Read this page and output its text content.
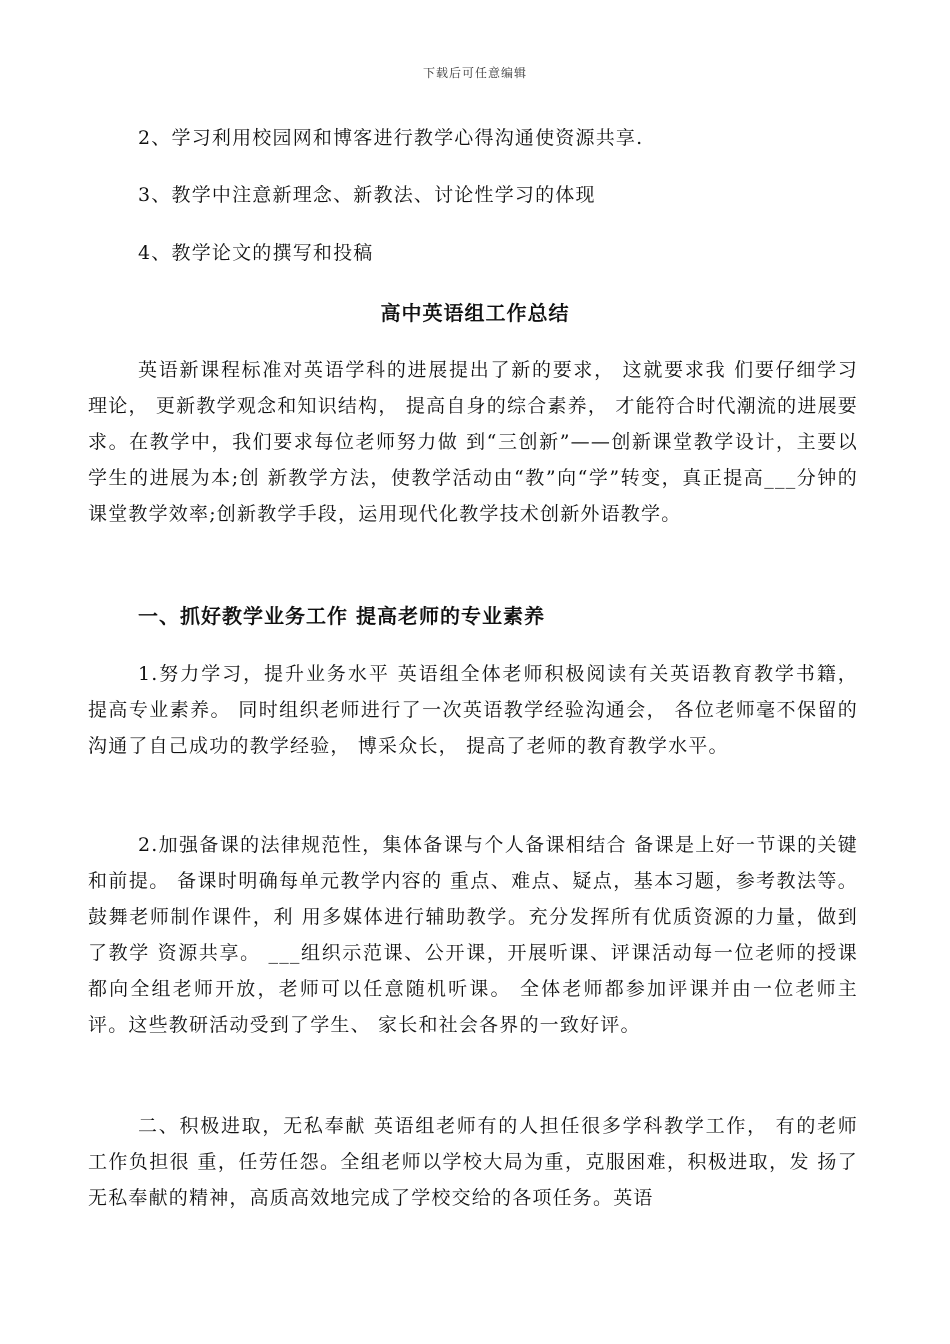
下载后可任意编辑
2、学习利用校园网和博客进行教学心得沟通使资源共享.
3、教学中注意新理念、新教法、讨论性学习的体现
4、教学论文的撰写和投稿
高中英语组工作总结
英语新课程标准对英语学科的进展提出了新的要求， 这就要求我 们要仔细学习理论， 更新教学观念和知识结构， 提高自身的综合素养， 才能符合时代潮流的进展要求。在教学中，我们要求每位老师努力做 到“三创新”——创新课堂教学设计，主要以学生的进展为本;创 新教学方法，使教学活动由“教”向“学”转变，真正提高___分钟的 课堂教学效率;创新教学手段，运用现代化教学技术创新外语教学。
一、抓好教学业务工作 提高老师的专业素养
1.努力学习，提升业务水平 英语组全体老师积极阅读有关英语教育教学书籍， 提高专业素养。 同时组织老师进行了一次英语教学经验沟通会， 各位老师毫不保留的 沟通了自己成功的教学经验， 博采众长， 提高了老师的教育教学水平。
2.加强备课的法律规范性，集体备课与个人备课相结合 备课是上好一节课的关键和前提。 备课时明确每单元教学内容的 重点、难点、疑点，基本习题，参考教法等。鼓舞老师制作课件，利 用多媒体进行辅助教学。充分发挥所有优质资源的力量，做到了教学 资源共享。 ___组织示范课、公开课，开展听课、评课活动每一位老师的授课都向全组老师开放，老师可以任意随机听课。 全体老师都参加评课并由一位老师主评。这些教研活动受到了学生、 家长和社会各界的一致好评。
二、积极进取，无私奉献 英语组老师有的人担任很多学科教学工作， 有的老师工作负担很 重，任劳任怨。全组老师以学校大局为重，克服困难，积极进取，发 扬了无私奉献的精神，高质高效地完成了学校交给的各项任务。英语
